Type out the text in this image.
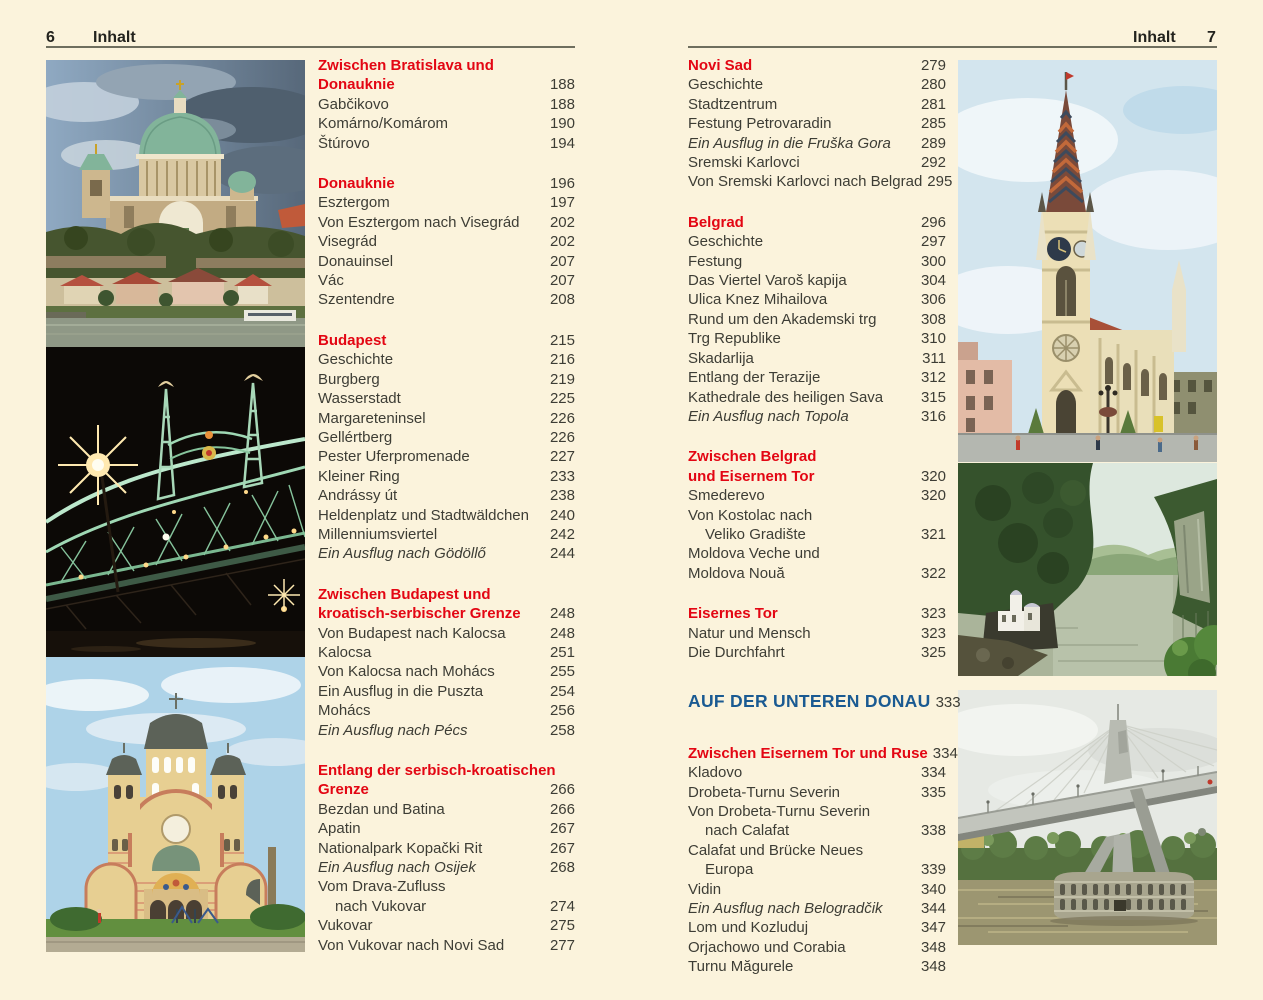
6 Inhalt	Inhalt 7
Zwischen Bratislava und
Donauknie	188
Gabčikovo	188
Komárno/Komárom	190
Štúrovo	194
Donauknie	196
Esztergom	197
Von Esztergom nach Visegrád 202
Visegrád	202
Donauinsel	207
Vác	207
Szentendre	208
Budapest	215
Geschichte	216
Burgberg	219
Wasserstadt	225
Margareteninsel	226
Gellértberg	226
Pester Uferpromenade	227
Kleiner Ring	233
Andrássy út	238
Heldenplatz und Stadtwäldchen 240
Millenniumsviertel	242
Ein Ausflug nach Gödöllő	244
Zwischen Budapest und
kroatisch-serbischer Grenze 248
Von Budapest nach Kalocsa	248
Kalocsa	251
Von Kalocsa nach Mohács	255
Ein Ausflug in die Puszta	254
Mohács	256
Ein Ausflug nach Pécs	258
Entlang der serbisch-kroatischen
Grenze	266
Bezdan und Batina	266
Apatin	267
Nationalpark Kopački Rit	267
Ein Ausflug nach Osijek	268
Vom Drava-Zufluss
nach Vukovar	274
Vukovar	275
Von Vukovar nach Novi Sad	277
Novi Sad	279
Geschichte	280
Stadtzentrum	281
Festung Petrovaradin	285
Ein Ausflug in die Fruška Gora 289
Sremski Karlovci	292
Von Sremski Karlovci nach Belgrad 295
Belgrad	296
Geschichte	297
Festung	300
Das Viertel Varoš kapija	304
Ulica Knez Mihailova	306
Rund um den Akademski trg	308
Trg Republike	310
Skadarlija	311
Entlang der Terazije	312
Kathedrale des heiligen Sava	315
Ein Ausflug nach Topola	316
Zwischen Belgrad
und Eisernem Tor	320
Smederevo	320
Von Kostolac nach
Veliko Gradište	321
Moldova Veche und
Moldova Nouă	322
Eisernes Tor	323
Natur und Mensch	323
Die Durchfahrt	325
AUF DER UNTEREN DONAU 333
Zwischen Eisernem Tor und Ruse 334
Kladovo	334
Drobeta-Turnu Severin	335
Von Drobeta-Turnu Severin
nach Calafat	338
Calafat und Brücke Neues
Europa	339
Vidin	340
Ein Ausflug nach Belogradčik	344
Lom und Kozluduj	347
Orjachowo und Corabia	348
Turnu Măgurele	348
